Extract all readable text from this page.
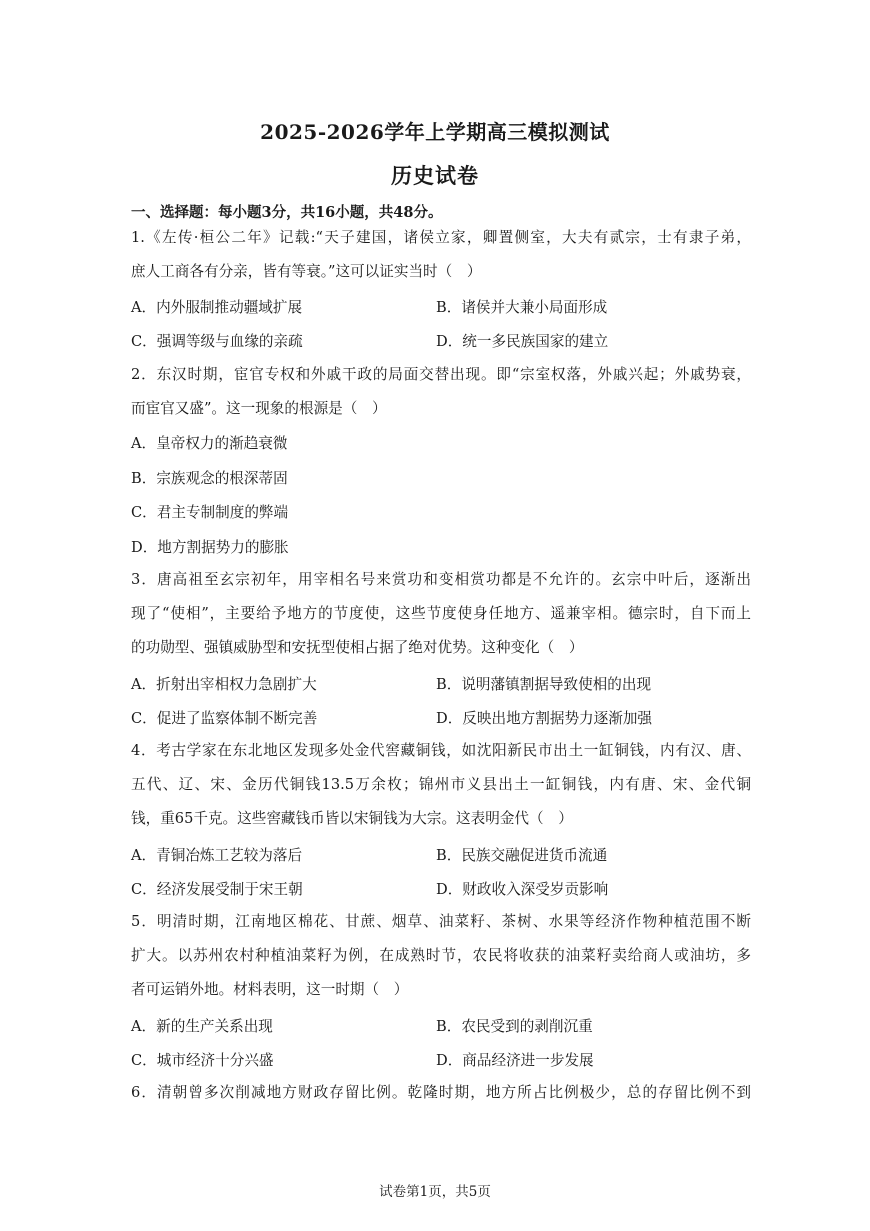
2025-2026学年上学期高三模拟测试
历史试卷

一、选择题：每小题3分，共16小题，共48分。

1.《左传·桓公二年》记载:“天子建国，诸侯立家，卿置侧室，大夫有贰宗，士有隶子弟，

庶人工商各有分亲，皆有等衰。”这可以证实当时（　）

A．内外服制推动疆域扩展	B．诸侯并大兼小局面形成

C．强调等级与血缘的亲疏	D．统一多民族国家的建立

2．东汉时期，宦官专权和外戚干政的局面交替出现。即“宗室权落，外戚兴起；外戚势衰，

而宦官又盛”。这一现象的根源是（　）

A．皇帝权力的渐趋衰微

B．宗族观念的根深蒂固

C．君主专制制度的弊端

D．地方割据势力的膨胀

3．唐高祖至玄宗初年，用宰相名号来赏功和变相赏功都是不允许的。玄宗中叶后，逐渐出

现了“使相”，主要给予地方的节度使，这些节度使身任地方、遥兼宰相。德宗时，自下而上

的功勋型、强镇威胁型和安抚型使相占据了绝对优势。这种变化（　）

A．折射出宰相权力急剧扩大	B．说明藩镇割据导致使相的出现

C．促进了监察体制不断完善	D．反映出地方割据势力逐渐加强

4．考古学家在东北地区发现多处金代窖藏铜钱，如沈阳新民市出土一缸铜钱，内有汉、唐、

五代、辽、宋、金历代铜钱13.5万余枚；锦州市义县出土一缸铜钱，内有唐、宋、金代铜

钱，重65千克。这些窖藏钱币皆以宋铜钱为大宗。这表明金代（　）

A．青铜冶炼工艺较为落后	B．民族交融促进货币流通

C．经济发展受制于宋王朝	D．财政收入深受岁贡影响

5．明清时期，江南地区棉花、甘蔗、烟草、油菜籽、茶树、水果等经济作物种植范围不断

扩大。以苏州农村种植油菜籽为例，在成熟时节，农民将收获的油菜籽卖给商人或油坊，多

者可运销外地。材料表明，这一时期（　）

A．新的生产关系出现	B．农民受到的剥削沉重

C．城市经济十分兴盛	D．商品经济进一步发展

6．清朝曾多次削减地方财政存留比例。乾隆时期，地方所占比例极少，总的存留比例不到

试卷第1页，共5页
